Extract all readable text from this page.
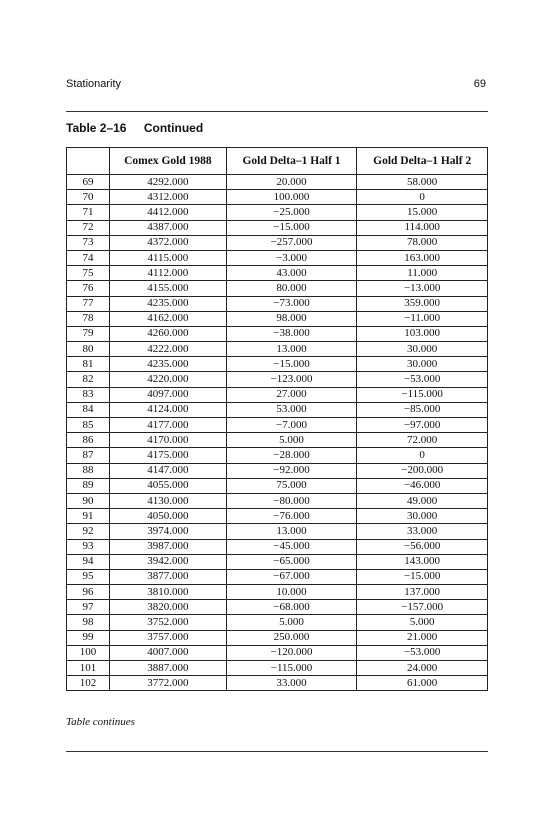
Stationarity	69
Table 2–16 Continued
	Comex Gold 1988	Gold Delta–1 Half 1	Gold Delta–1 Half 2
69	4292.000	20.000	58.000
70	4312.000	100.000	0
71	4412.000	−25.000	15.000
72	4387.000	−15.000	114.000
73	4372.000	−257.000	78.000
74	4115.000	−3.000	163.000
75	4112.000	43.000	11.000
76	4155.000	80.000	−13.000
77	4235.000	−73.000	359.000
78	4162.000	98.000	−11.000
79	4260.000	−38.000	103.000
80	4222.000	13.000	30.000
81	4235.000	−15.000	30.000
82	4220.000	−123.000	−53.000
83	4097.000	27.000	−115.000
84	4124.000	53.000	−85.000
85	4177.000	−7.000	−97.000
86	4170.000	5.000	72.000
87	4175.000	−28.000	0
88	4147.000	−92.000	−200.000
89	4055.000	75.000	−46.000
90	4130.000	−80.000	49.000
91	4050.000	−76.000	30.000
92	3974.000	13.000	33.000
93	3987.000	−45.000	−56.000
94	3942.000	−65.000	143.000
95	3877.000	−67.000	−15.000
96	3810.000	10.000	137.000
97	3820.000	−68.000	−157.000
98	3752.000	5.000	5.000
99	3757.000	250.000	21.000
100	4007.000	−120.000	−53.000
101	3887.000	−115.000	24.000
102	3772.000	33.000	61.000
Table continues
